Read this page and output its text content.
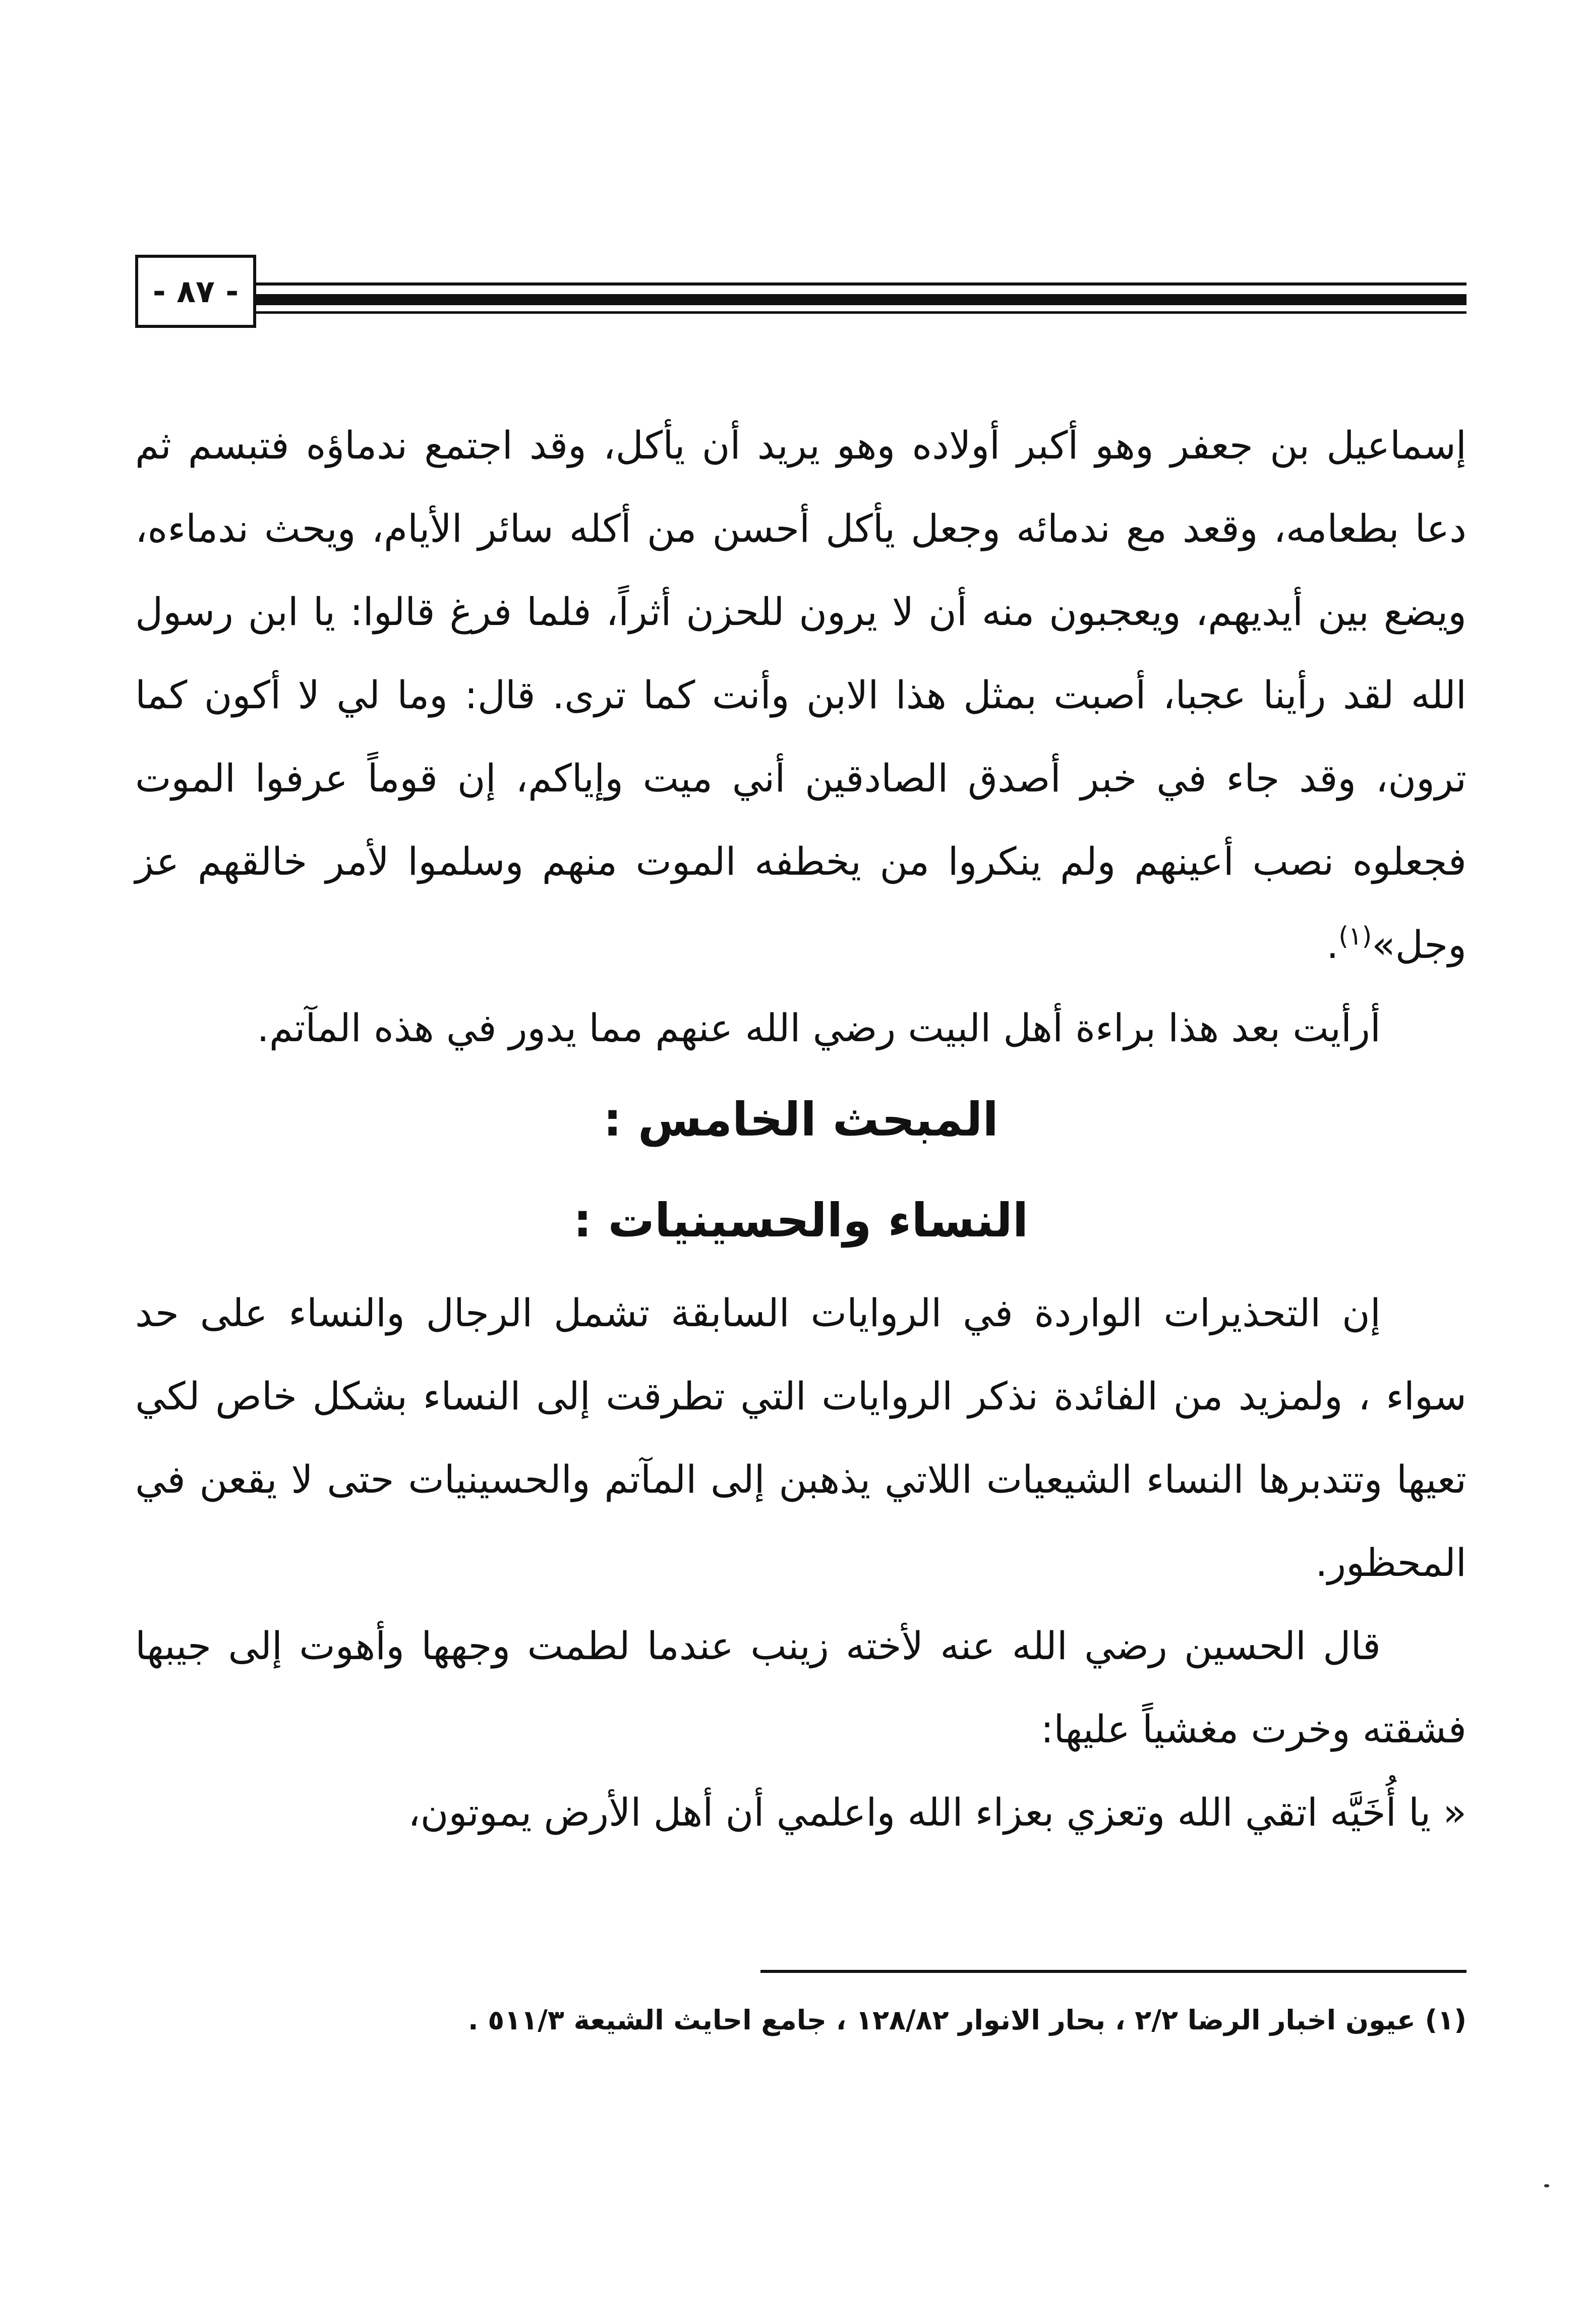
- ٨٧ -

إسماعيل بن جعفر وهو أكبر أولاده وهو يريد أن يأكل، وقد اجتمع ندماؤه فتبسم ثم دعا بطعامه، وقعد مع ندمائه وجعل يأكل أحسن من أكله سائر الأيام، ويحث ندماءه، ويضع بين أيديهم، ويعجبون منه أن لا يرون للحزن أثراً، فلما فرغ قالوا: يا ابن رسول الله لقد رأينا عجبا، أصبت بمثل هذا الابن وأنت كما ترى. قال: وما لي لا أكون كما ترون، وقد جاء في خبر أصدق الصادقين أني ميت وإياكم، إن قوماً عرفوا الموت فجعلوه نصب أعينهم ولم ينكروا من يخطفه الموت منهم وسلموا لأمر خالقهم عز وجل»$^{(١)}$.

أرأيت بعد هذا براءة أهل البيت رضي الله عنهم مما يدور في هذه المآتم.

المبحث الخامس :

النساء والحسينيات :

إن التحذيرات الواردة في الروايات السابقة تشمل الرجال والنساء على حد سواء ، ولمزيد من الفائدة نذكر الروايات التي تطرقت إلى النساء بشكل خاص لكي تعيها وتتدبرها النساء الشيعيات اللاتي يذهبن إلى المآتم والحسينيات حتى لا يقعن في المحظور.

قال الحسين رضي الله عنه لأخته زينب عندما لطمت وجهها وأهوت إلى جيبها فشقته وخرت مغشياً عليها:

« يا أُخَيَّه اتقي الله وتعزي بعزاء الله واعلمي أن أهل الأرض يموتون،

(١) عيون اخبار الرضا ٢/٢ ، بحار الانوار ١٢٨/٨٢ ، جامع احايث الشيعة ٥١١/٣ .
